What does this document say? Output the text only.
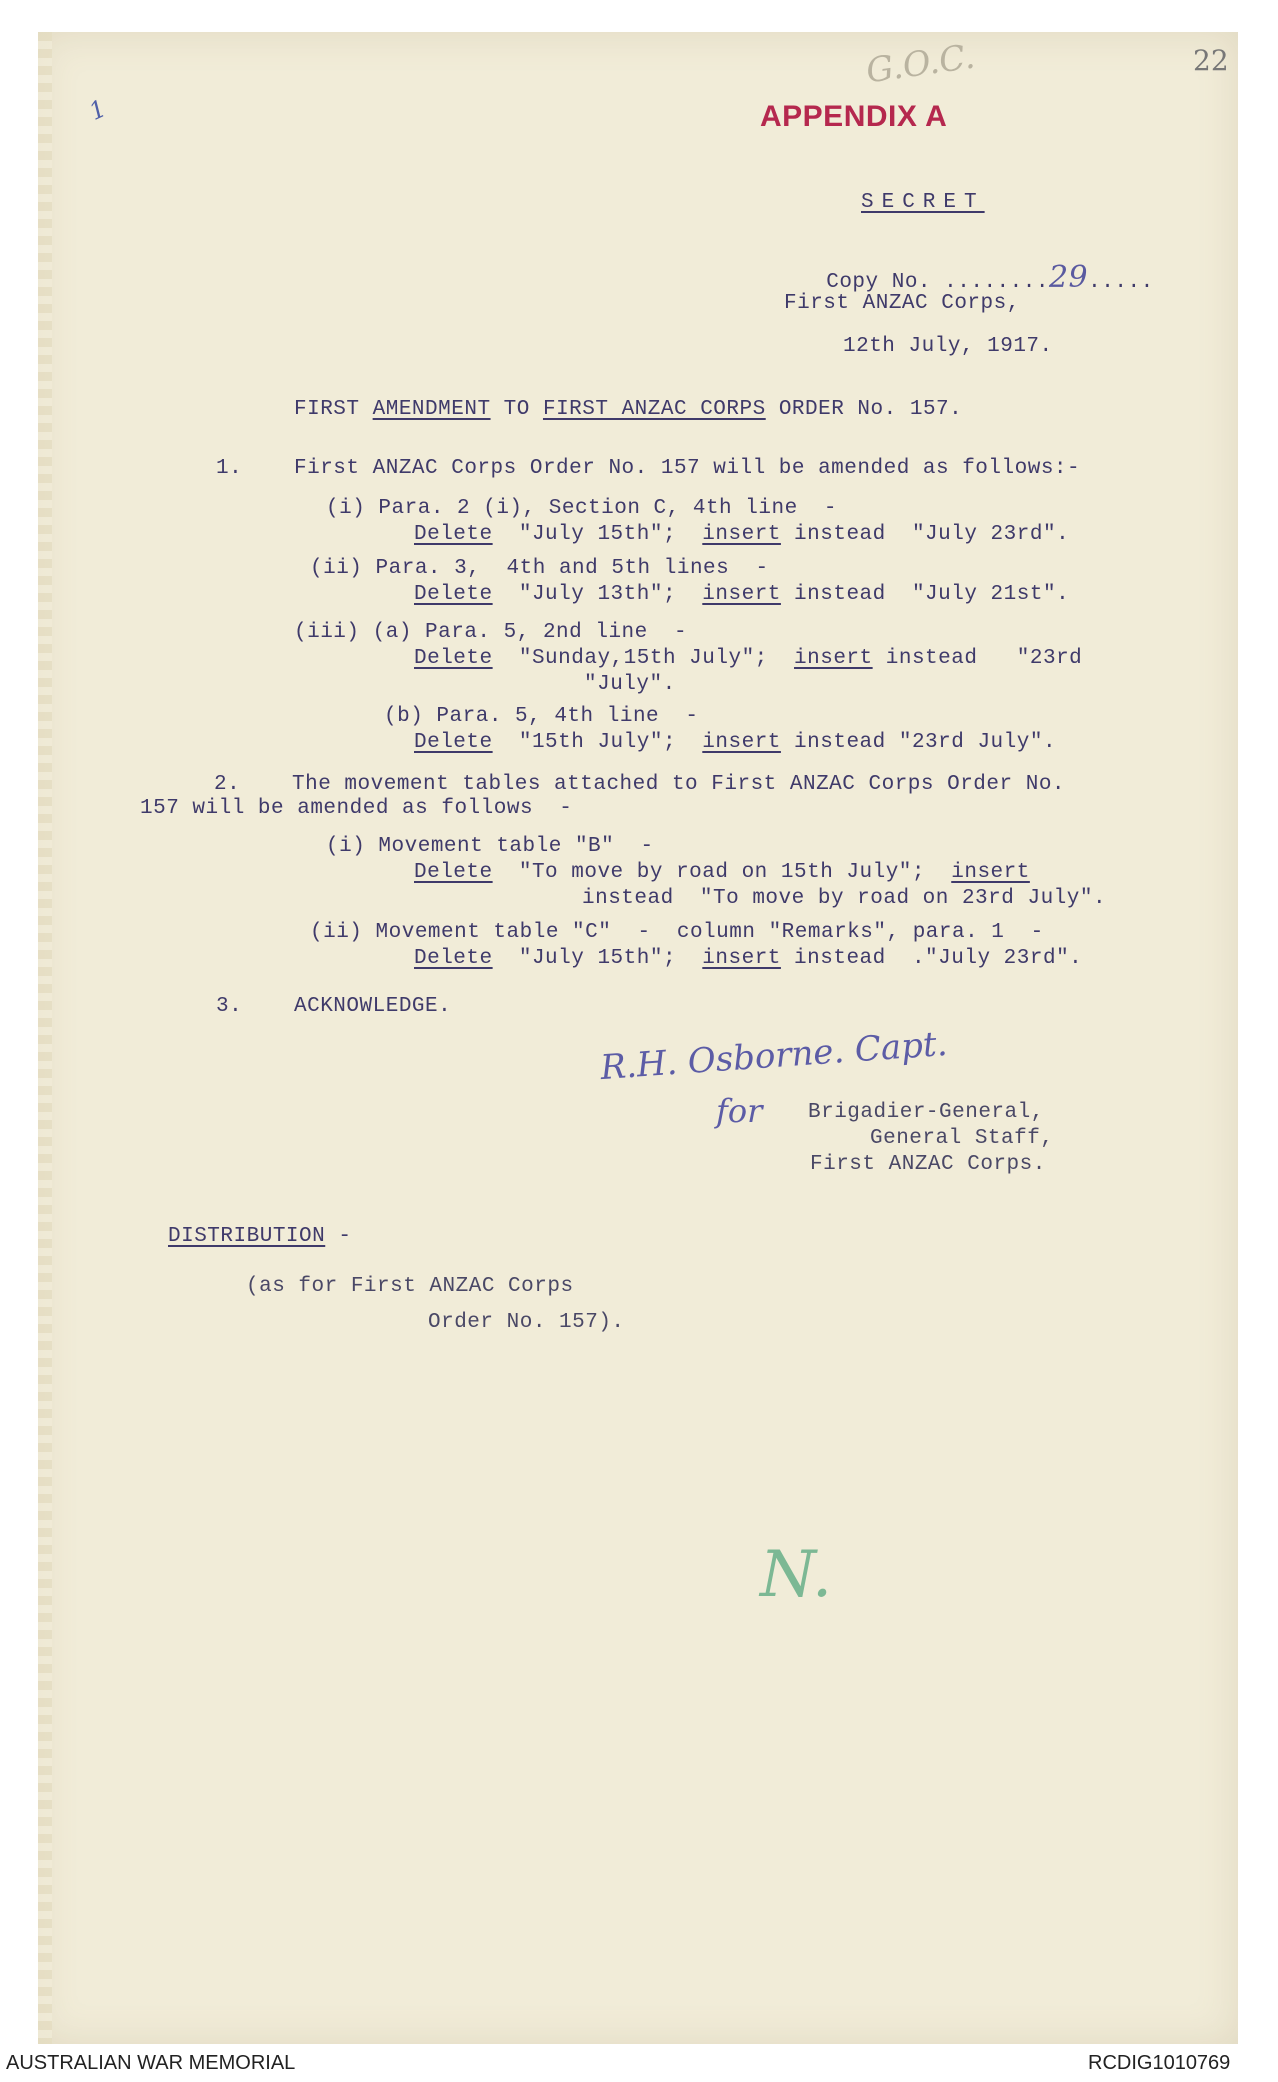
22
1
G.O.C.
APPENDIX A
SECRET

Copy No. ........29.....

First ANZAC Corps,
12th July, 1917.
FIRST AMENDMENT TO FIRST ANZAC CORPS ORDER No. 157.
1. First ANZAC Corps Order No. 157 will be amended as follows:-
(i) Para. 2 (i), Section C, 4th line  -
Delete "July 15th"; insert instead  "July 23rd".
(ii) Para. 3,  4th and 5th lines  -
Delete "July 13th"; insert instead  "July 21st".
(iii) (a) Para. 5, 2nd line  -
Delete "Sunday,15th July"; insert instead   "23rd
"July".
(b) Para. 5, 4th line  -
Delete "15th July"; insert instead "23rd July".
2. The movement tables attached to First ANZAC Corps Order No.
157 will be amended as follows  -
(i) Movement table "B"  -
Delete "To move by road on 15th July"; insert
instead  "To move by road on 23rd July".
(ii) Movement table "C"  -  column "Remarks", para. 1  -
Delete "July 15th"; insert instead  ."July 23rd".
3. ACKNOWLEDGE.
R.H. Osborne. Capt.
for Brigadier-General,
General Staff,
First ANZAC Corps.
DISTRIBUTION -
(as for First ANZAC Corps
Order No. 157).
N.
AUSTRALIAN WAR MEMORIAL	RCDIG1010769
